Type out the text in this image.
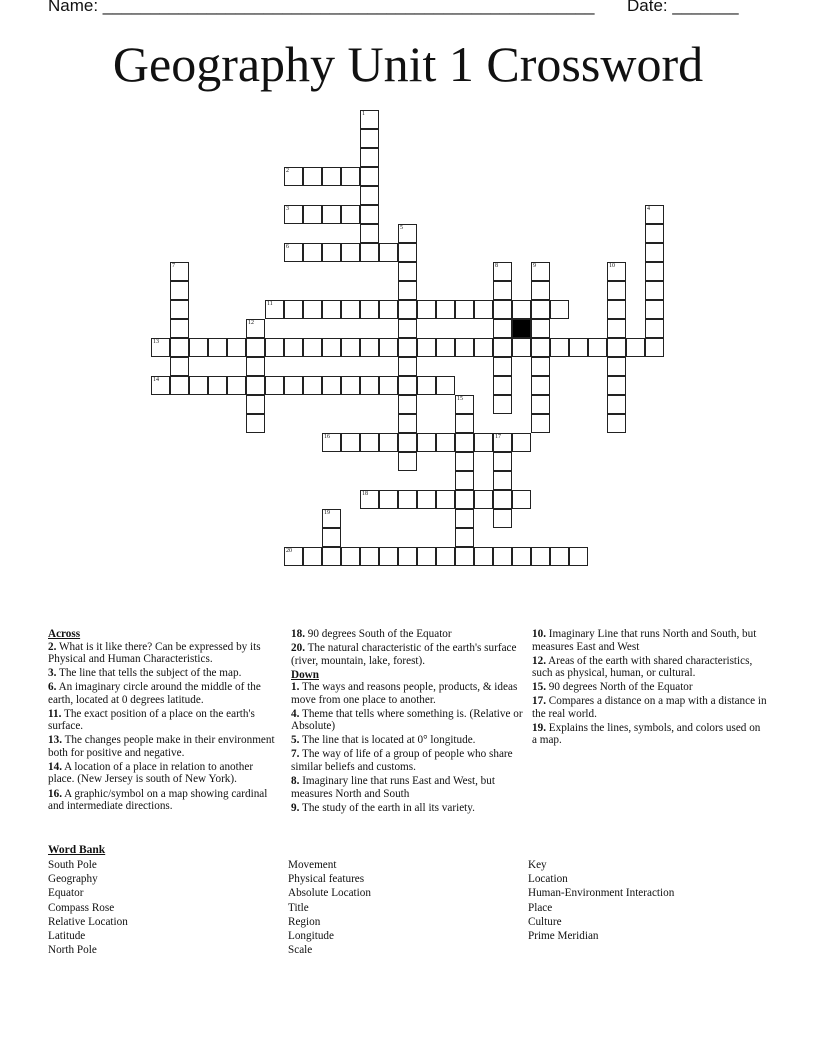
Name: ____________________________________________________ Date: _______
Geography Unit 1 Crossword
1
2
3	4
5
6
7	8	9	10
11
12
13
14
15
16	17
18
19
20
Across
2. What is it like there? Can be expressed by its Physical and Human Characteristics.
3. The line that tells the subject of the map.
6. An imaginary circle around the middle of the earth, located at 0 degrees latitude.
11. The exact position of a place on the earth's surface.
13. The changes people make in their environment both for positive and negative.
14. A location of a place in relation to another place. (New Jersey is south of New York).
16. A graphic/symbol on a map showing cardinal and intermediate directions.
18. 90 degrees South of the Equator
20. The natural characteristic of the earth's surface (river, mountain, lake, forest).
Down
1. The ways and reasons people, products, & ideas move from one place to another.
4. Theme that tells where something is. (Relative or Absolute)
5. The line that is located at 0° longitude.
7. The way of life of a group of people who share similar beliefs and customs.
8. Imaginary line that runs East and West, but measures North and South
9. The study of the earth in all its variety.
10. Imaginary Line that runs North and South, but measures East and West
12. Areas of the earth with shared characteristics, such as physical, human, or cultural.
15. 90 degrees North of the Equator
17. Compares a distance on a map with a distance in the real world.
19. Explains the lines, symbols, and colors used on a map.
Word Bank
South Pole
Geography
Equator
Compass Rose
Relative Location
Latitude
North Pole
Movement
Physical features
Absolute Location
Title
Region
Longitude
Scale
Key
Location
Human-Environment Interaction
Place
Culture
Prime Meridian
